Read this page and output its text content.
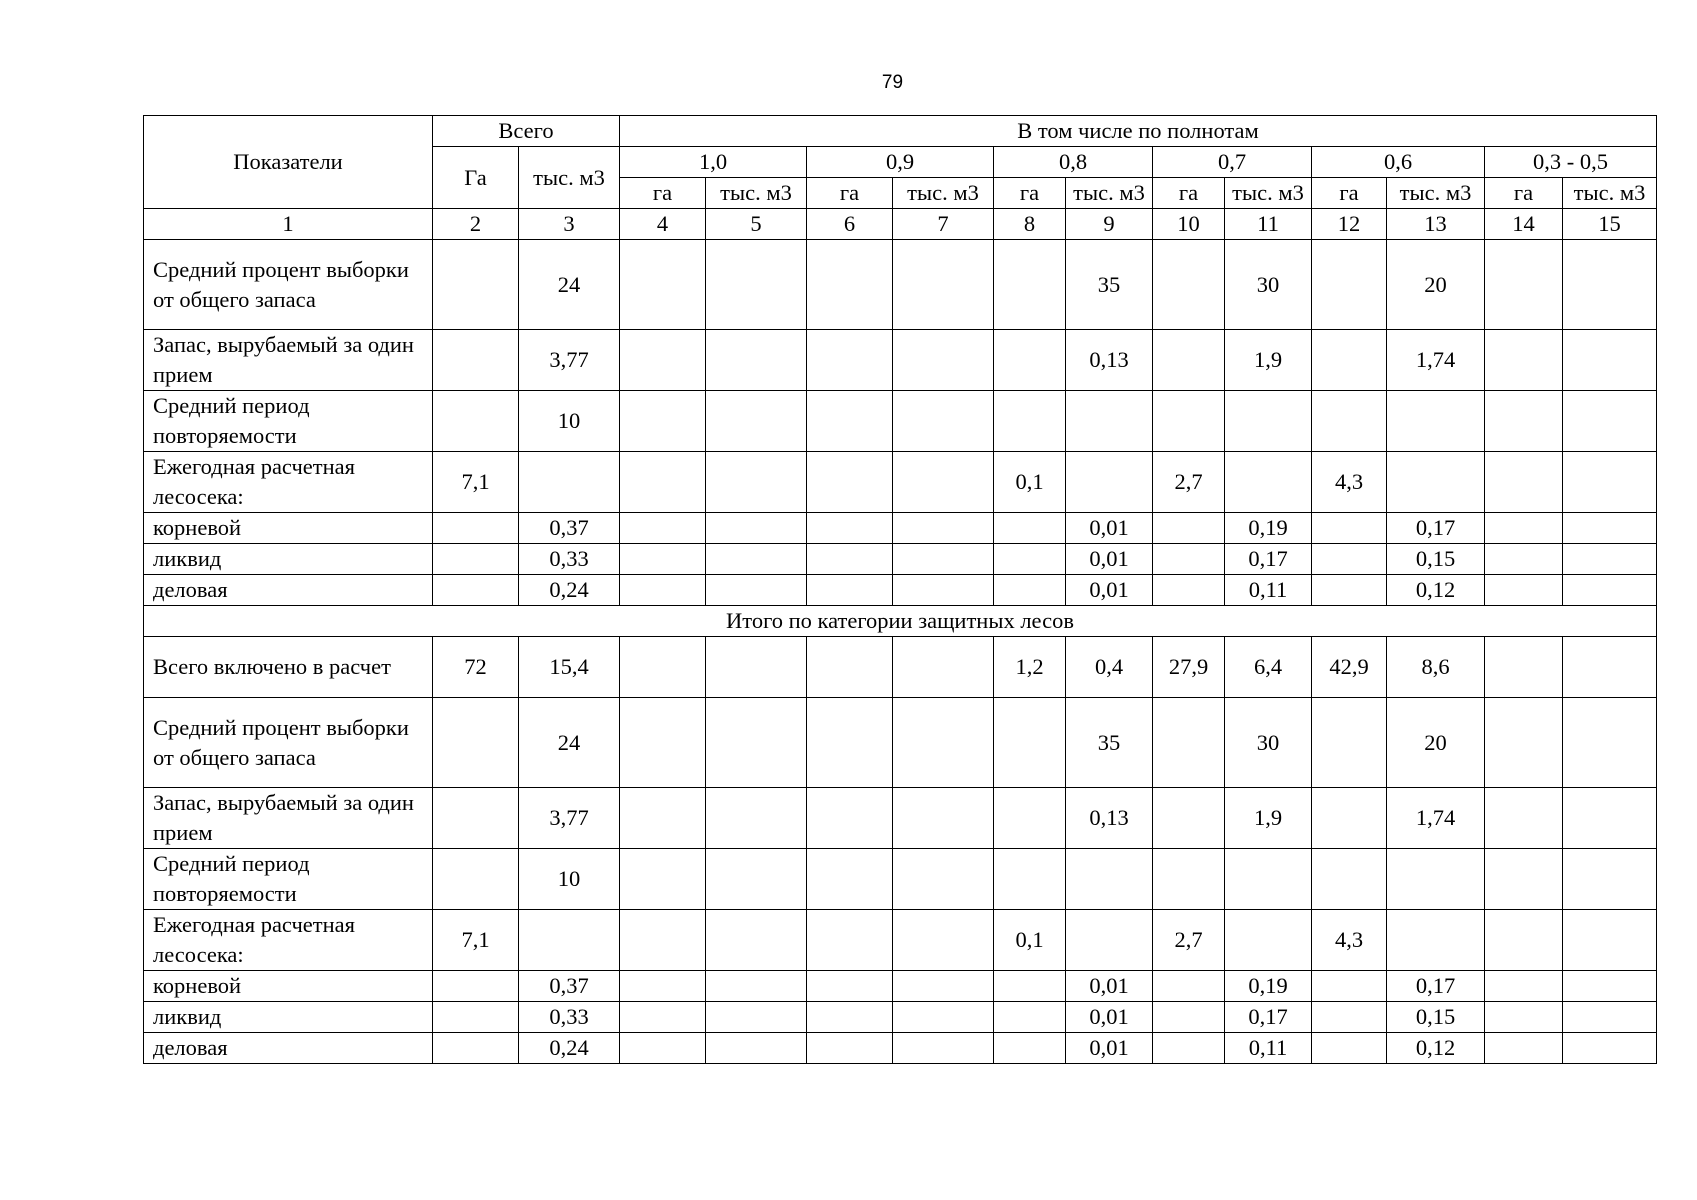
79
Показатели	Всего		В том числе по полнотам											
	Га	тыс. м3	1,0		0,9		0,8		0,7		0,6		0,3 - 0,5	
			га	тыс. м3	га	тыс. м3	га	тыс. м3	га	тыс. м3	га	тыс. м3	га	тыс. м3
1	2	3	4	5	6	7	8	9	10	11	12	13	14	15
Средний процент выборки от общего запаса		24						35		30		20		
Запас, вырубаемый за один прием		3,77						0,13		1,9		1,74		
Средний период повторяемости		10												
Ежегодная расчетная лесосека:	7,1						0,1		2,7		4,3			
корневой		0,37						0,01		0,19		0,17		
ликвид		0,33						0,01		0,17		0,15		
деловая		0,24						0,01		0,11		0,12		
Итого по категории защитных лесов														
Всего включено в расчет	72	15,4					1,2	0,4	27,9	6,4	42,9	8,6		
Средний процент выборки от общего запаса		24						35		30		20		
Запас, вырубаемый за один прием		3,77						0,13		1,9		1,74		
Средний период повторяемости		10												
Ежегодная расчетная лесосека:	7,1						0,1		2,7		4,3			
корневой		0,37						0,01		0,19		0,17		
ликвид		0,33						0,01		0,17		0,15		
деловая		0,24						0,01		0,11		0,12		
